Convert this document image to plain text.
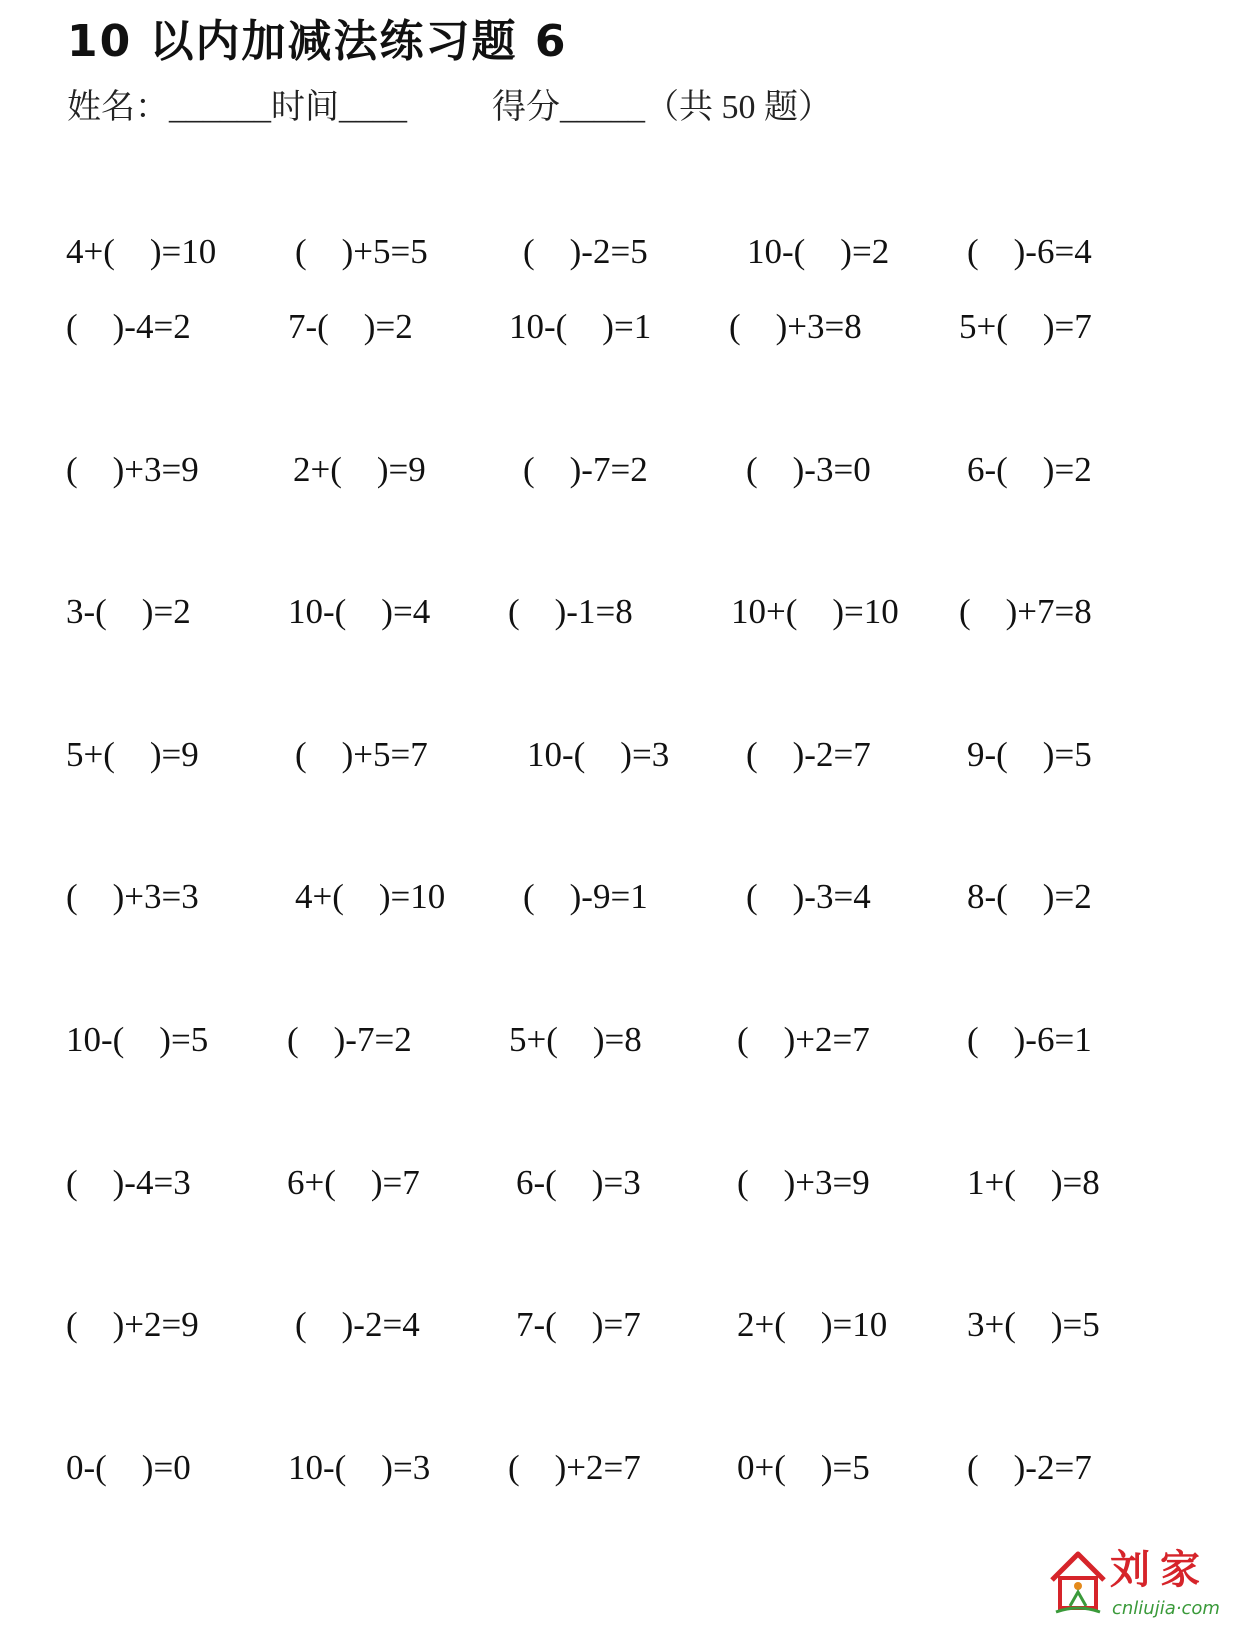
10 以内加减法练习题 6
姓名：______时间____	得分_____（共 50 题）
4+(    )=10 (    )+5=5	(    )-2=5	10-(    )=2 (    )-6=4
(    )-4=2	7-(    )=2	10-(    )=1 (    )+3=8	5+(    )=7
(    )+3=9	2+(    )=9	(    )-7=2	(    )-3=0	6-(    )=2
3-(    )=2	10-(    )=4 (    )-1=8	10+(    )=10 (    )+7=8
5+(    )=9	(    )+5=7	10-(    )=3 (    )-2=7	9-(    )=5
(    )+3=3	4+(    )=10 (    )-9=1	(    )-3=4	8-(    )=2
10-(    )=5 (    )-7=2	5+(    )=8	(    )+2=7	(    )-6=1
(    )-4=3	6+(    )=7	6-(    )=3	(    )+3=9	1+(    )=8
(    )+2=9	(    )-2=4	7-(    )=7	2+(    )=10 3+(    )=5
0-(    )=0	10-(    )=3 (    )+2=7	0+(    )=5	(    )-2=7
刘家
cnliujia·com
